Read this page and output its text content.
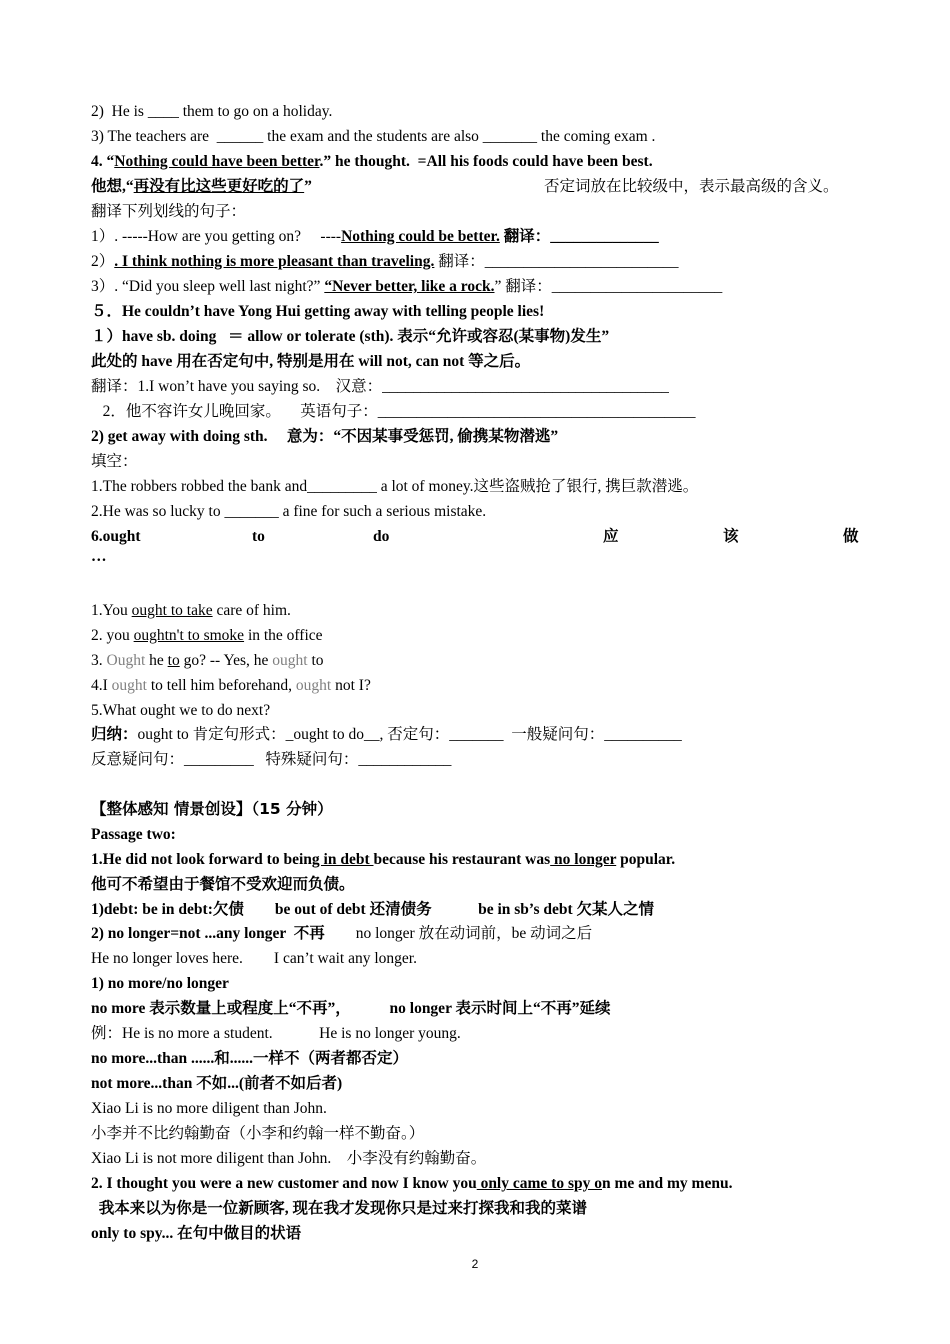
2)  He is ____ them to go on a holiday.
3) The teachers are  ______ the exam and the students are also _______ the coming exam .
4. “Nothing could have been better.” he thought.  =All his foods could have been best.
他想,“再没有比这些更好吃的了”	否定词放在比较级中，表示最高级的含义。
翻译下列划线的句子：
1）. -----How are you getting on?     ----Nothing could be better. 翻译：______________
2）. I think nothing is more pleasant than traveling. 翻译：_________________________
3）. “Did you sleep well last night?” “Never better, like a rock.” 翻译：______________________
５．He couldn’t have Yong Hui getting away with telling people lies!
１）have sb. doing   ＝ allow or tolerate (sth). 表示“允许或容忍(某事物)发生”
此处的 have 用在否定句中, 特别是用在 will not, can not 等之后。
翻译：1.I won’t have you saying so.    汉意：_____________________________________
2．他不容许女儿晚回家。     英语句子：_________________________________________
2) get away with doing sth.     意为：“不因某事受惩罚, 偷携某物潜逃”
填空：
1.The robbers robbed the bank and_________ a lot of money.这些盗贼抢了银行, 携巨款潜逃。
2.He was so lucky to _______ a fine for such a serious mistake.
6.ought	to	do	应	该	做
…
1.You ought to take care of him.
2. you oughtn't to smoke in the office
3. Ought he to go? -- Yes, he ought to
4.I ought to tell him beforehand, ought not I?
5.What ought we to do next?
归纳：ought to 肯定句形式：_ought to do__, 否定句：_______  一般疑问句：__________
反意疑问句：_________   特殊疑问句：____________
【整体感知 情景创设】（15 分钟）
Passage two:
1.He did not look forward to being in debt because his restaurant was no longer popular.
他可不希望由于餐馆不受欢迎而负债。
1)debt: be in debt:欠债        be out of debt 还清债务            be in sb’s debt 欠某人之情
2) no longer=not ...any longer  不再        no longer 放在动词前，be 动词之后
He no longer loves here.        I can’t wait any longer.
1) no more/no longer
no more 表示数量上或程度上“不再”，          no longer 表示时间上“不再”延续
例：He is no more a student.            He is no longer young.
no more...than ......和......一样不（两者都否定）
not more...than 不如...(前者不如后者)
Xiao Li is no more diligent than John.
小李并不比约翰勤奋（小李和约翰一样不勤奋。）
Xiao Li is not more diligent than John.    小李没有约翰勤奋。
2. I thought you were a new customer and now I know you only came to spy on me and my menu.
我本来以为你是一位新顾客, 现在我才发现你只是过来打探我和我的菜谱
only to spy... 在句中做目的状语
2
